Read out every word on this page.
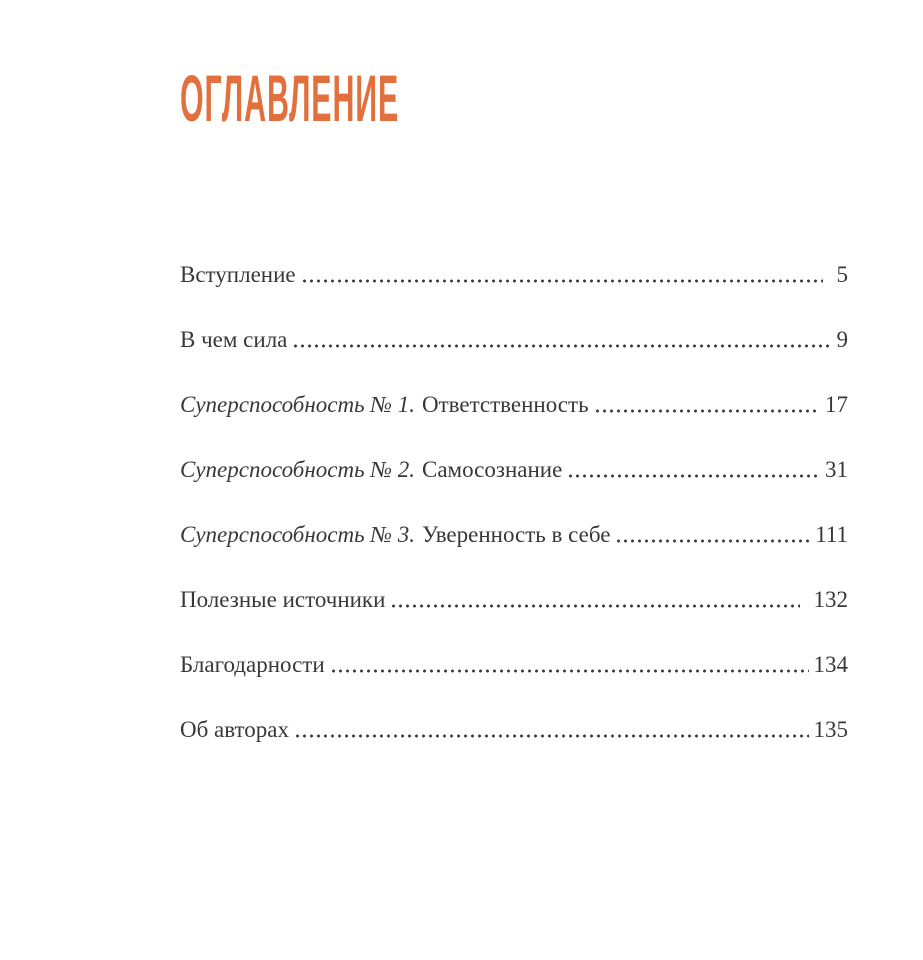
ОГЛАВЛЕНИЕ
Вступление	5
В чем сила	9
Суперспособность № 1. Ответственность	17
Суперспособность № 2. Самосознание	31
Суперспособность № 3. Уверенность в себе	111
Полезные источники	132
Благодарности	134
Об авторах	135
